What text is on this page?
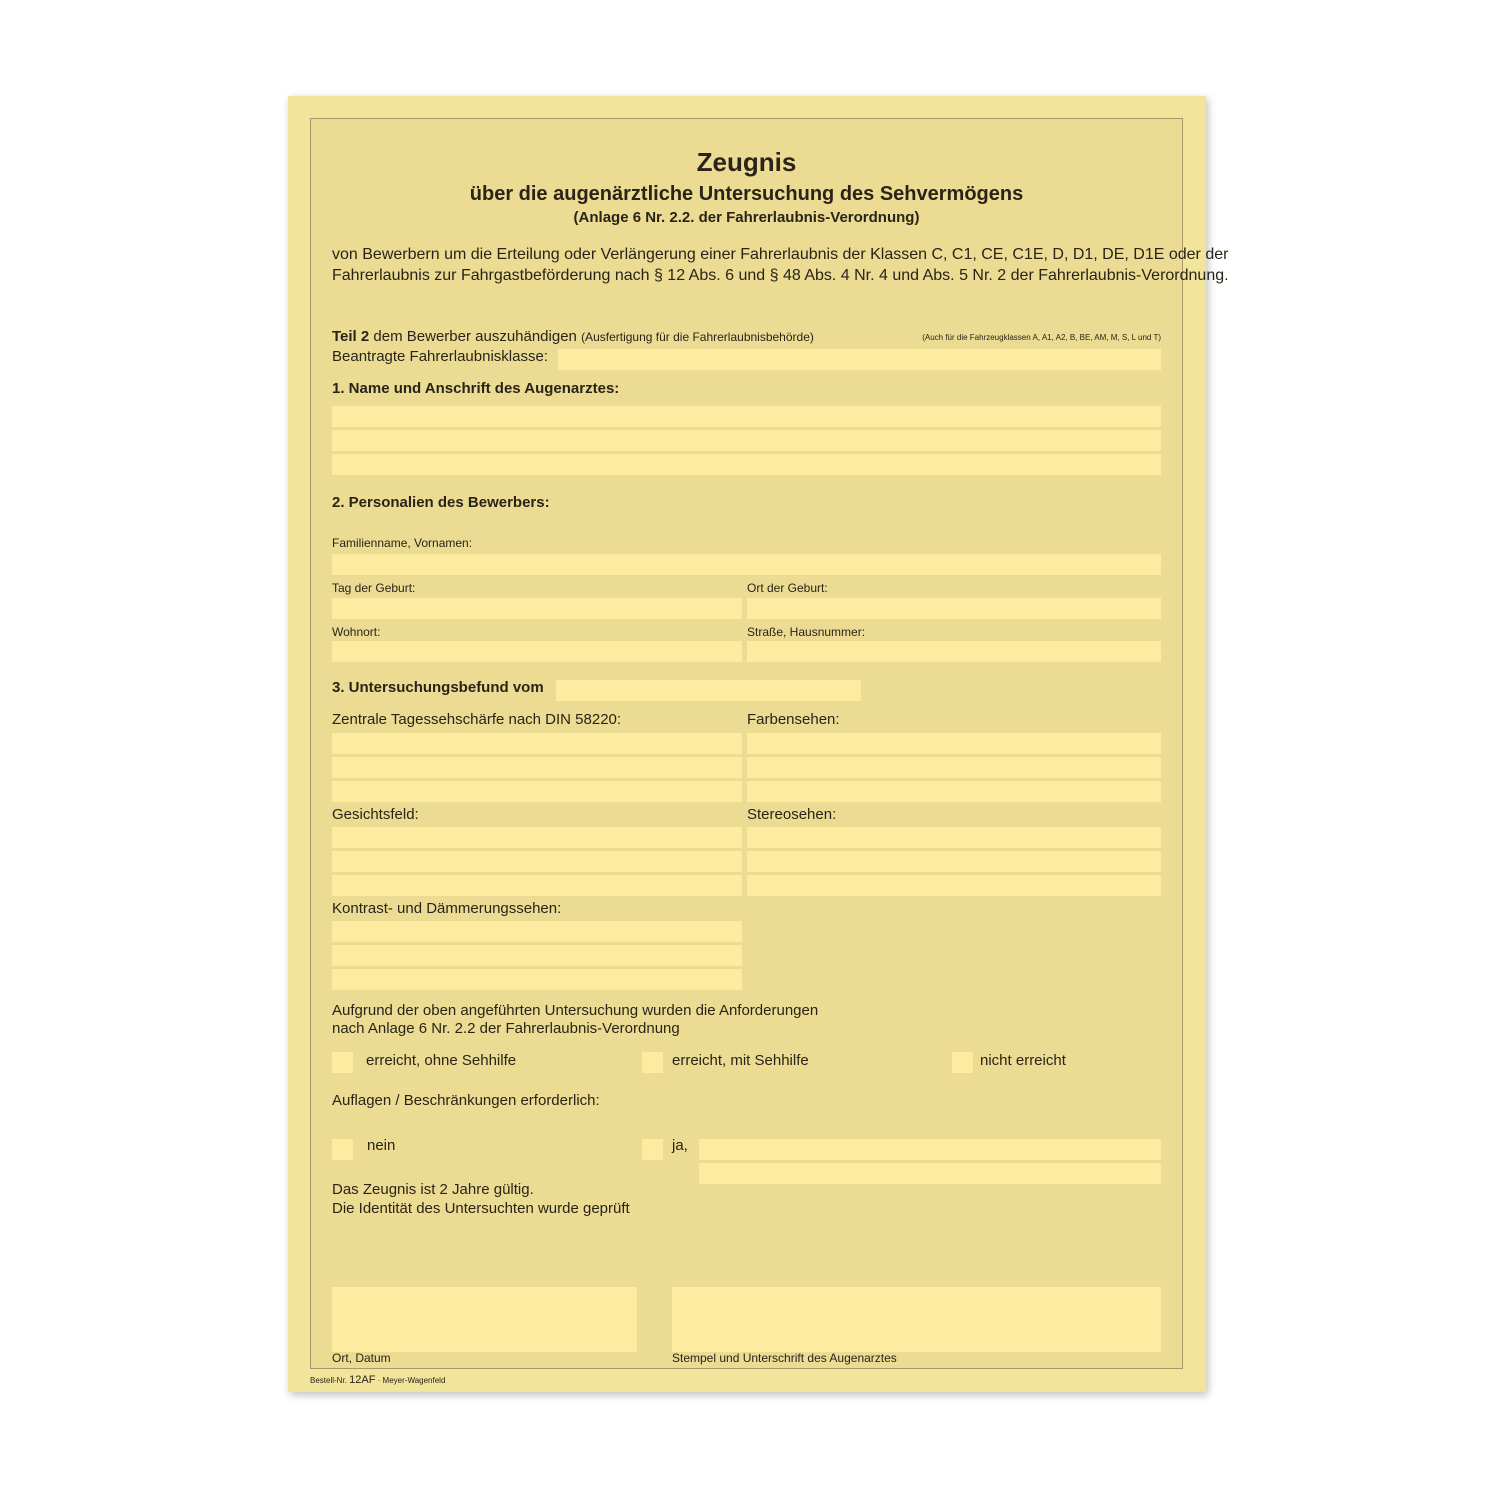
Zeugnis
über die augenärztliche Untersuchung des Sehvermögens
(Anlage 6 Nr. 2.2. der Fahrerlaubnis-Verordnung)
von Bewerbern um die Erteilung oder Verlängerung einer Fahrerlaubnis der Klassen C, C1, CE, C1E, D, D1, DE, D1E oder der
Fahrerlaubnis zur Fahrgastbeförderung nach § 12 Abs. 6 und § 48 Abs. 4 Nr. 4 und Abs. 5 Nr. 2 der Fahrerlaubnis-Verordnung.
Teil 2 dem Bewerber auszuhändigen (Ausfertigung für die Fahrerlaubnisbehörde)	(Auch für die Fahrzeugklassen A, A1, A2, B, BE, AM, M, S, L und T)
Beantragte Fahrerlaubnisklasse:
1. Name und Anschrift des Augenarztes:
2. Personalien des Bewerbers:
Familienname, Vornamen:
Tag der Geburt:	Ort der Geburt:
Wohnort:	Straße, Hausnummer:
3. Untersuchungsbefund vom
Zentrale Tagessehschärfe nach DIN 58220:	Farbensehen:
Gesichtsfeld:	Stereosehen:
Kontrast- und Dämmerungssehen:
Aufgrund der oben angeführten Untersuchung wurden die Anforderungen
nach Anlage 6 Nr. 2.2 der Fahrerlaubnis-Verordnung
erreicht, ohne Sehhilfe	erreicht, mit Sehhilfe	nicht erreicht
Auflagen / Beschränkungen erforderlich:
nein	ja,
Das Zeugnis ist 2 Jahre gültig.
Die Identität des Untersuchten wurde geprüft
Ort, Datum	Stempel und Unterschrift des Augenarztes
Bestell-Nr. 12AF · Meyer-Wagenfeld
